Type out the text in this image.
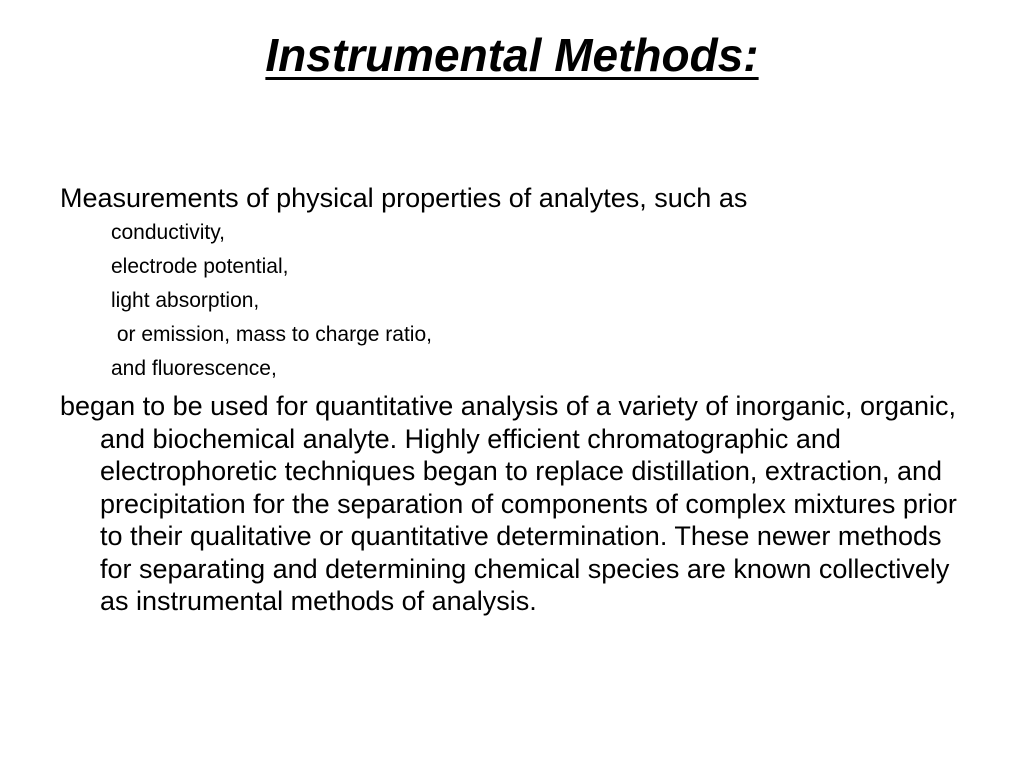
Instrumental Methods:

Measurements of physical properties of analytes, such as

conductivity,
electrode potential,
light absorption,
or emission, mass to charge ratio,
and fluorescence,

began to be used for quantitative analysis of a variety of inorganic, organic, and biochemical analyte. Highly efficient chromatographic and electrophoretic techniques began to replace distillation, extraction, and precipitation for the separation of components of complex mixtures prior to their qualitative or quantitative determination. These newer methods for separating and determining chemical species are known collectively as instrumental methods of analysis.
